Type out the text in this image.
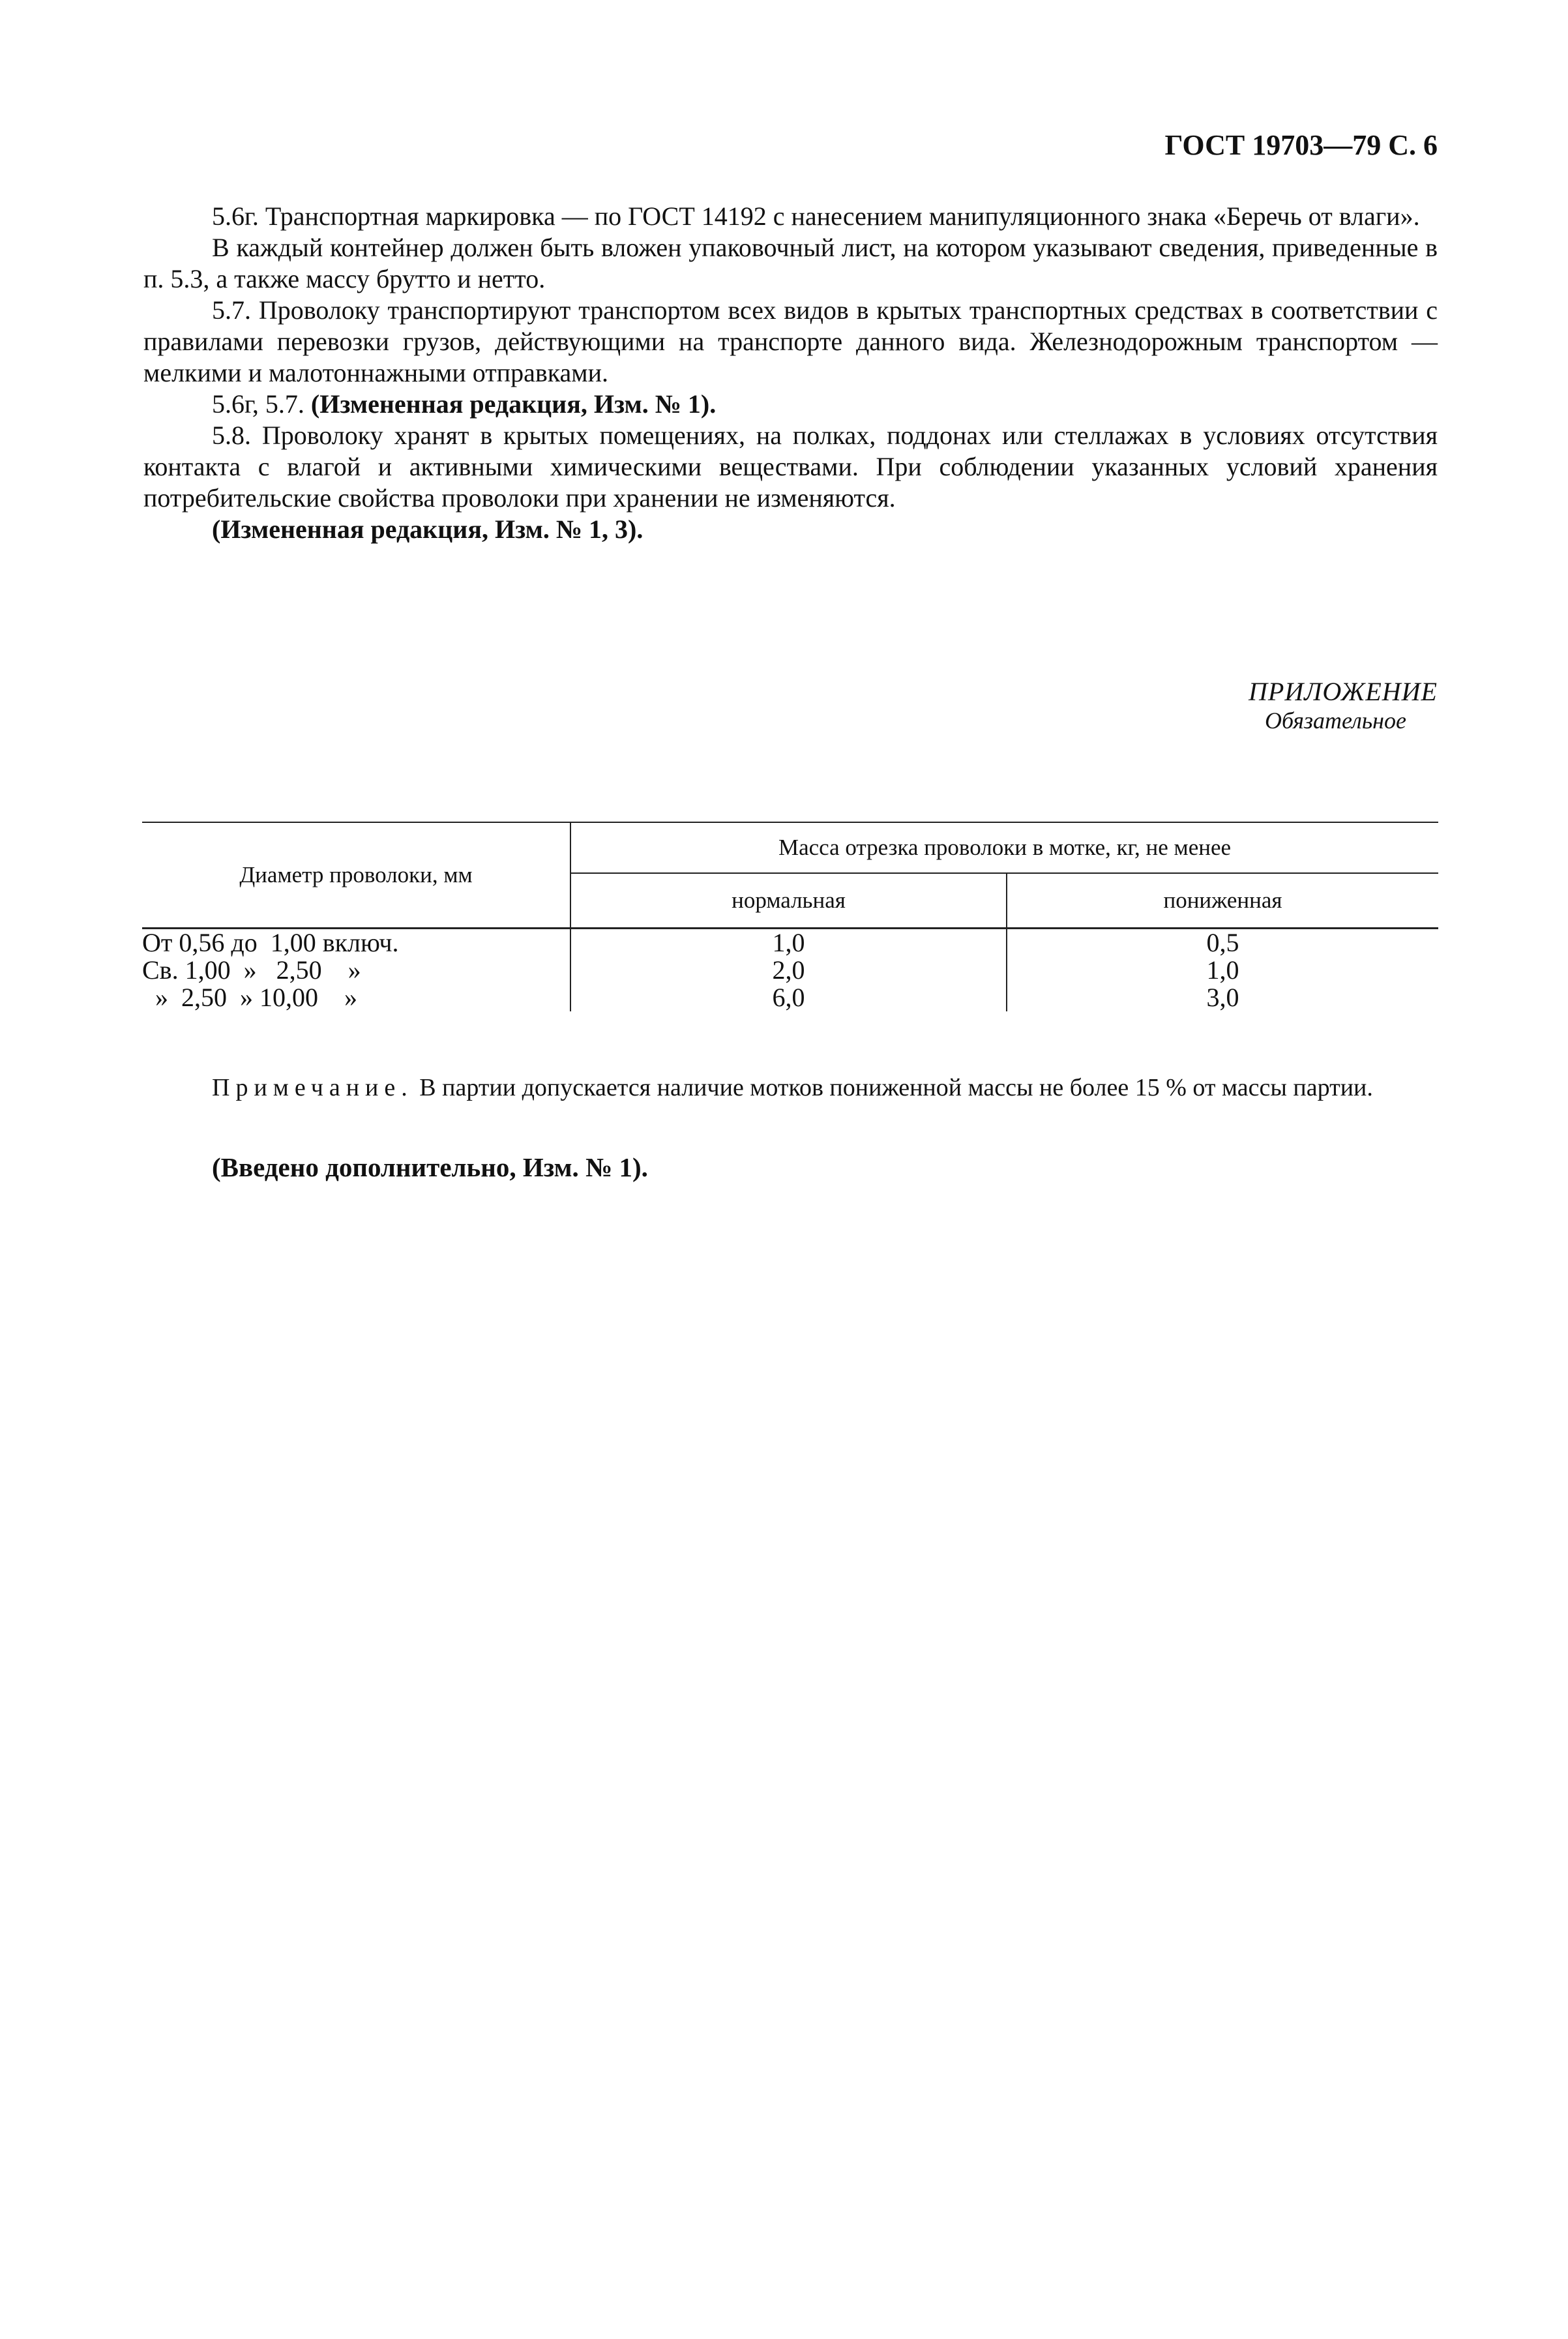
ГОСТ 19703—79 С. 6

5.6г. Транспортная маркировка — по ГОСТ 14192 с нанесением манипуляционного знака «Беречь от влаги».

В каждый контейнер должен быть вложен упаковочный лист, на котором указывают сведения, приведенные в п. 5.3, а также массу брутто и нетто.

5.7. Проволоку транспортируют транспортом всех видов в крытых транспортных средствах в соответствии с правилами перевозки грузов, действующими на транспорте данного вида. Железнодорожным транспортом — мелкими и малотоннажными отправками.

5.6г, 5.7. (Измененная редакция, Изм. № 1).

5.8. Проволоку хранят в крытых помещениях, на полках, поддонах или стеллажах в условиях отсутствия контакта с влагой и активными химическими веществами. При соблюдении указанных условий хранения потребительские свойства проволоки при хранении не изменяются.

(Измененная редакция, Изм. № 1, 3).

ПРИЛОЖЕНИЕ
Обязательное
Диаметр проволоки, мм	Масса отрезка проволоки в мотке, кг, не менее	
	нормальная	пониженная
От 0,56 до  1,00 включ.	1,0	0,5
Св. 1,00  »   2,50    »	2,0	1,0
»  2,50  » 10,00    »	6,0	3,0

Примечание. В партии допускается наличие мотков пониженной массы не более 15 % от массы партии.

(Введено дополнительно, Изм. № 1).
